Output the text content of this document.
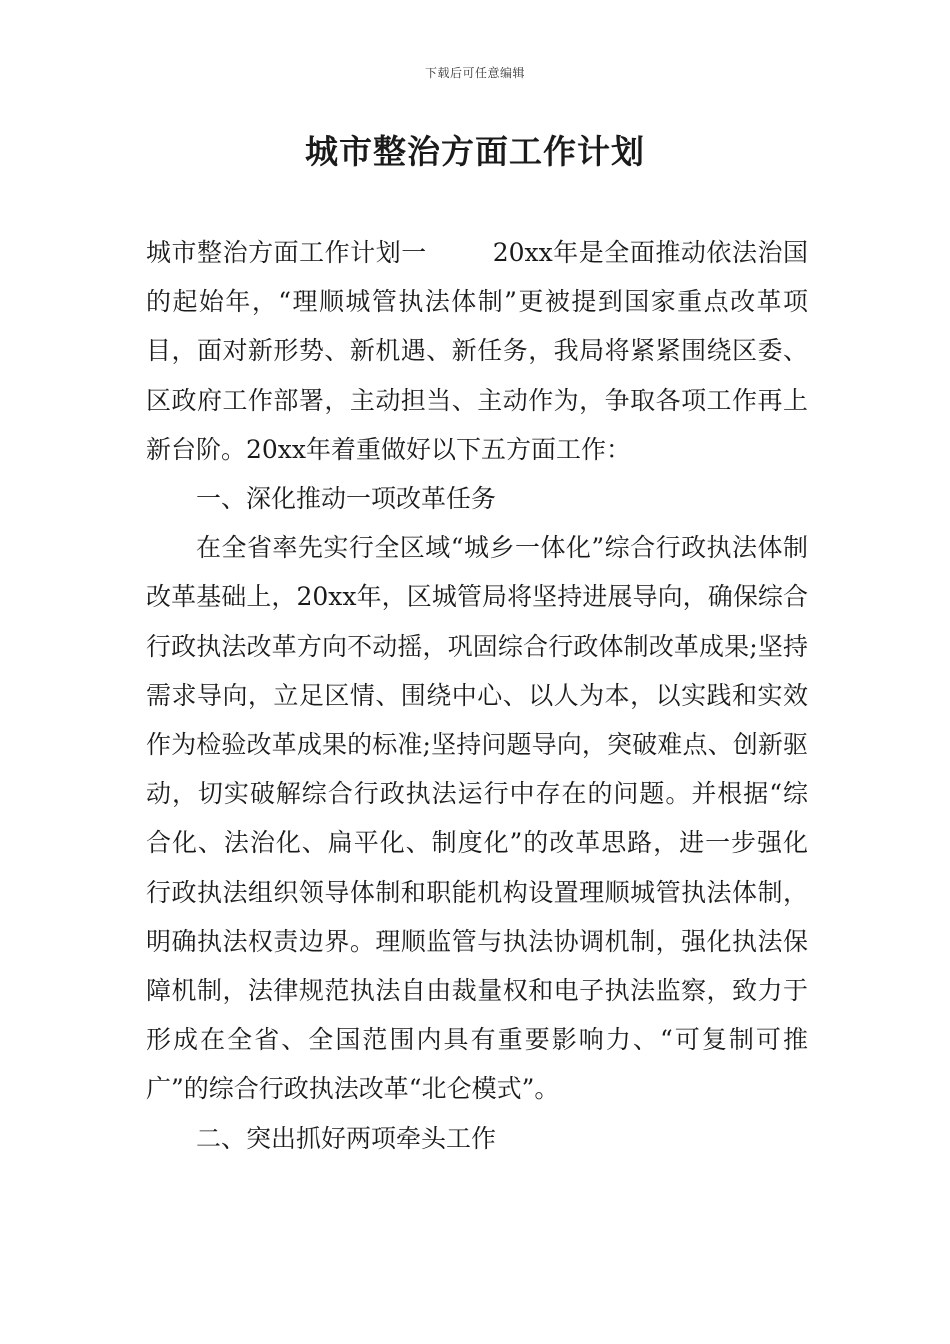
下载后可任意编辑
城市整治方面工作计划

城市整治方面工作计划一	20xx年是全面推动依法治国的起始年，“理顺城管执法体制”更被提到国家重点改革项目，面对新形势、新机遇、新任务，我局将紧紧围绕区委、区政府工作部署，主动担当、主动作为，争取各项工作再上新台阶。20xx年着重做好以下五方面工作：

一、深化推动一项改革任务

在全省率先实行全区域“城乡一体化”综合行政执法体制改革基础上，20xx年，区城管局将坚持进展导向，确保综合行政执法改革方向不动摇，巩固综合行政体制改革成果;坚持需求导向，立足区情、围绕中心、以人为本，以实践和实效作为检验改革成果的标准;坚持问题导向，突破难点、创新驱动，切实破解综合行政执法运行中存在的问题。并根据“综合化、法治化、扁平化、制度化”的改革思路，进一步强化行政执法组织领导体制和职能机构设置理顺城管执法体制，明确执法权责边界。理顺监管与执法协调机制，强化执法保障机制，法律规范执法自由裁量权和电子执法监察，致力于形成在全省、全国范围内具有重要影响力、“可复制可推广”的综合行政执法改革“北仑模式”。

二、突出抓好两项牵头工作
